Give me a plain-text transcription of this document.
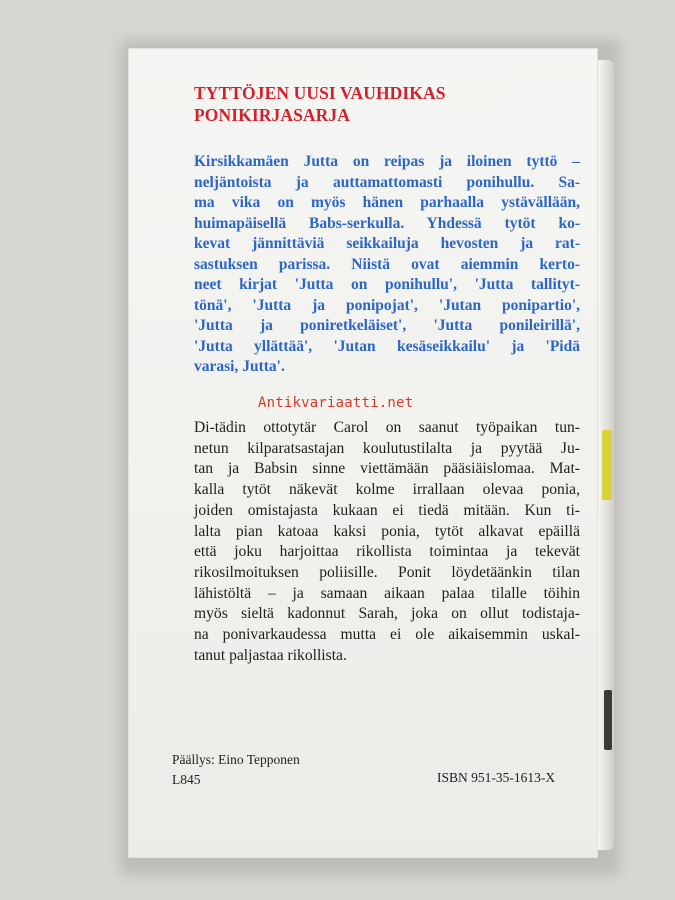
TYTTÖJEN UUSI VAUHDIKAS
PONIKIRJASARJA
Kirsikkamäen Jutta on reipas ja iloinen tyttö –
neljäntoista ja auttamattomasti ponihullu. Sa-
ma vika on myös hänen parhaalla ystävällään,
huimapäisellä Babs-serkulla. Yhdessä tytöt ko-
kevat jännittäviä seikkailuja hevosten ja rat-
sastuksen parissa. Niistä ovat aiemmin kerto-
neet kirjat 'Jutta on ponihullu', 'Jutta tallityt-
tönä', 'Jutta ja ponipojat', 'Jutan ponipartio',
'Jutta ja poniretkeläiset', 'Jutta ponileirillä',
'Jutta yllättää', 'Jutan kesäseikkailu' ja 'Pidä
varasi, Jutta'.
Antikvariaatti.net
Di-tädin ottotytär Carol on saanut työpaikan tun-
netun kilparatsastajan koulutustilalta ja pyytää Ju-
tan ja Babsin sinne viettämään pääsiäislomaa. Mat-
kalla tytöt näkevät kolme irrallaan olevaa ponia,
joiden omistajasta kukaan ei tiedä mitään. Kun ti-
lalta pian katoaa kaksi ponia, tytöt alkavat epäillä
että joku harjoittaa rikollista toimintaa ja tekevät
rikosilmoituksen poliisille. Ponit löydetäänkin tilan
lähistöltä – ja samaan aikaan palaa tilalle töihin
myös sieltä kadonnut Sarah, joka on ollut todistaja-
na ponivarkaudessa mutta ei ole aikaisemmin uskal-
tanut paljastaa rikollista.
Päällys: Eino Tepponen
L845	ISBN 951-35-1613-X
